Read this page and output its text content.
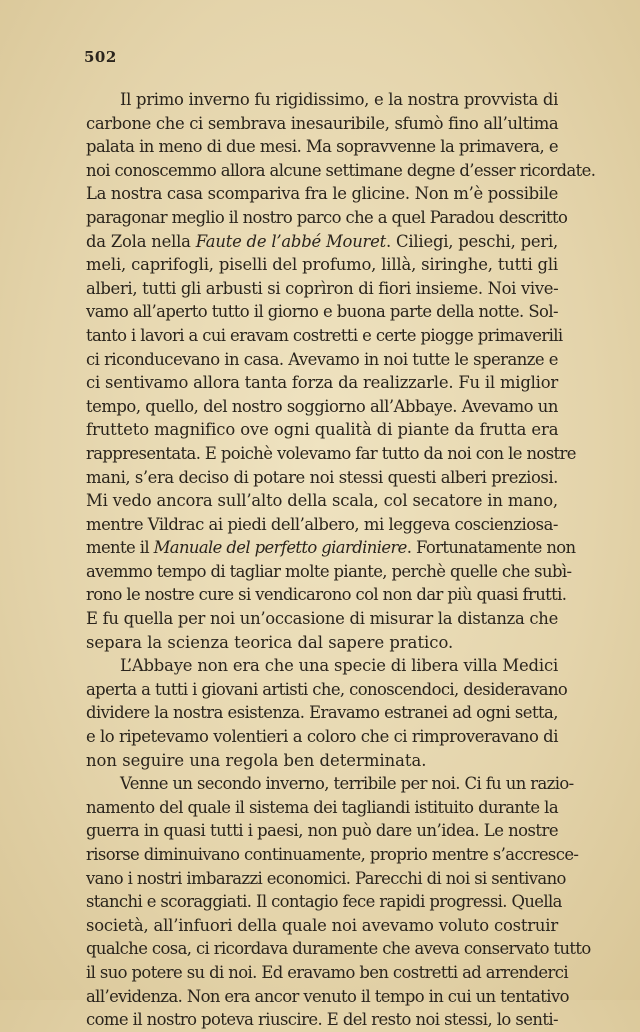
502
Il primo inverno fu rigidissimo, e la nostra provvista di
carbone che ci sembrava inesauribile, sfumò fino all’ultima
palata in meno di due mesi. Ma sopravvenne la primavera, e
noi conoscemmo allora alcune settimane degne d’esser ricordate.
La nostra casa scompariva fra le glicine. Non m’è possibile
paragonar meglio il nostro parco che a quel Paradou descritto
da Zola nella Faute de l’abbé Mouret. Ciliegi, peschi, peri,
meli, caprifogli, piselli del profumo, lillà, siringhe, tutti gli
alberi, tutti gli arbusti si coprìron di fiori insieme. Noi vive-
vamo all’aperto tutto il giorno e buona parte della notte. Sol-
tanto i lavori a cui eravam costretti e certe piogge primaverili
ci riconducevano in casa. Avevamo in noi tutte le speranze e
ci sentivamo allora tanta forza da realizzarle. Fu il miglior
tempo, quello, del nostro soggiorno all’Abbaye. Avevamo un
frutteto magnifico ove ogni qualità di piante da frutta era
rappresentata. E poichè volevamo far tutto da noi con le nostre
mani, s’era deciso di potare noi stessi questi alberi preziosi.
Mi vedo ancora sull’alto della scala, col secatore in mano,
mentre Vildrac ai piedi dell’albero, mi leggeva coscienziosa-
mente il Manuale del perfetto giardiniere. Fortunatamente non
avemmo tempo di tagliar molte piante, perchè quelle che subì-
rono le nostre cure si vendicarono col non dar più quasi frutti.
E fu quella per noi un’occasione di misurar la distanza che
separa la scienza teorica dal sapere pratico.
L’Abbaye non era che una specie di libera villa Medici
aperta a tutti i giovani artisti che, conoscendoci, desideravano
dividere la nostra esistenza. Eravamo estranei ad ogni setta,
e lo ripetevamo volentieri a coloro che ci rimproveravano di
non seguire una regola ben determinata.
Venne un secondo inverno, terribile per noi. Ci fu un razio-
namento del quale il sistema dei tagliandi istituito durante la
guerra in quasi tutti i paesi, non può dare un’idea. Le nostre
risorse diminuivano continuamente, proprio mentre s’accresce-
vano i nostri imbarazzi economici. Parecchi di noi si sentivano
stanchi e scoraggiati. Il contagio fece rapidi progressi. Quella
società, all’infuori della quale noi avevamo voluto costruir
qualche cosa, ci ricordava duramente che aveva conservato tutto
il suo potere su di noi. Ed eravamo ben costretti ad arrenderci
all’evidenza. Non era ancor venuto il tempo in cui un tentativo
come il nostro poteva riuscire. E del resto noi stessi, lo senti-
